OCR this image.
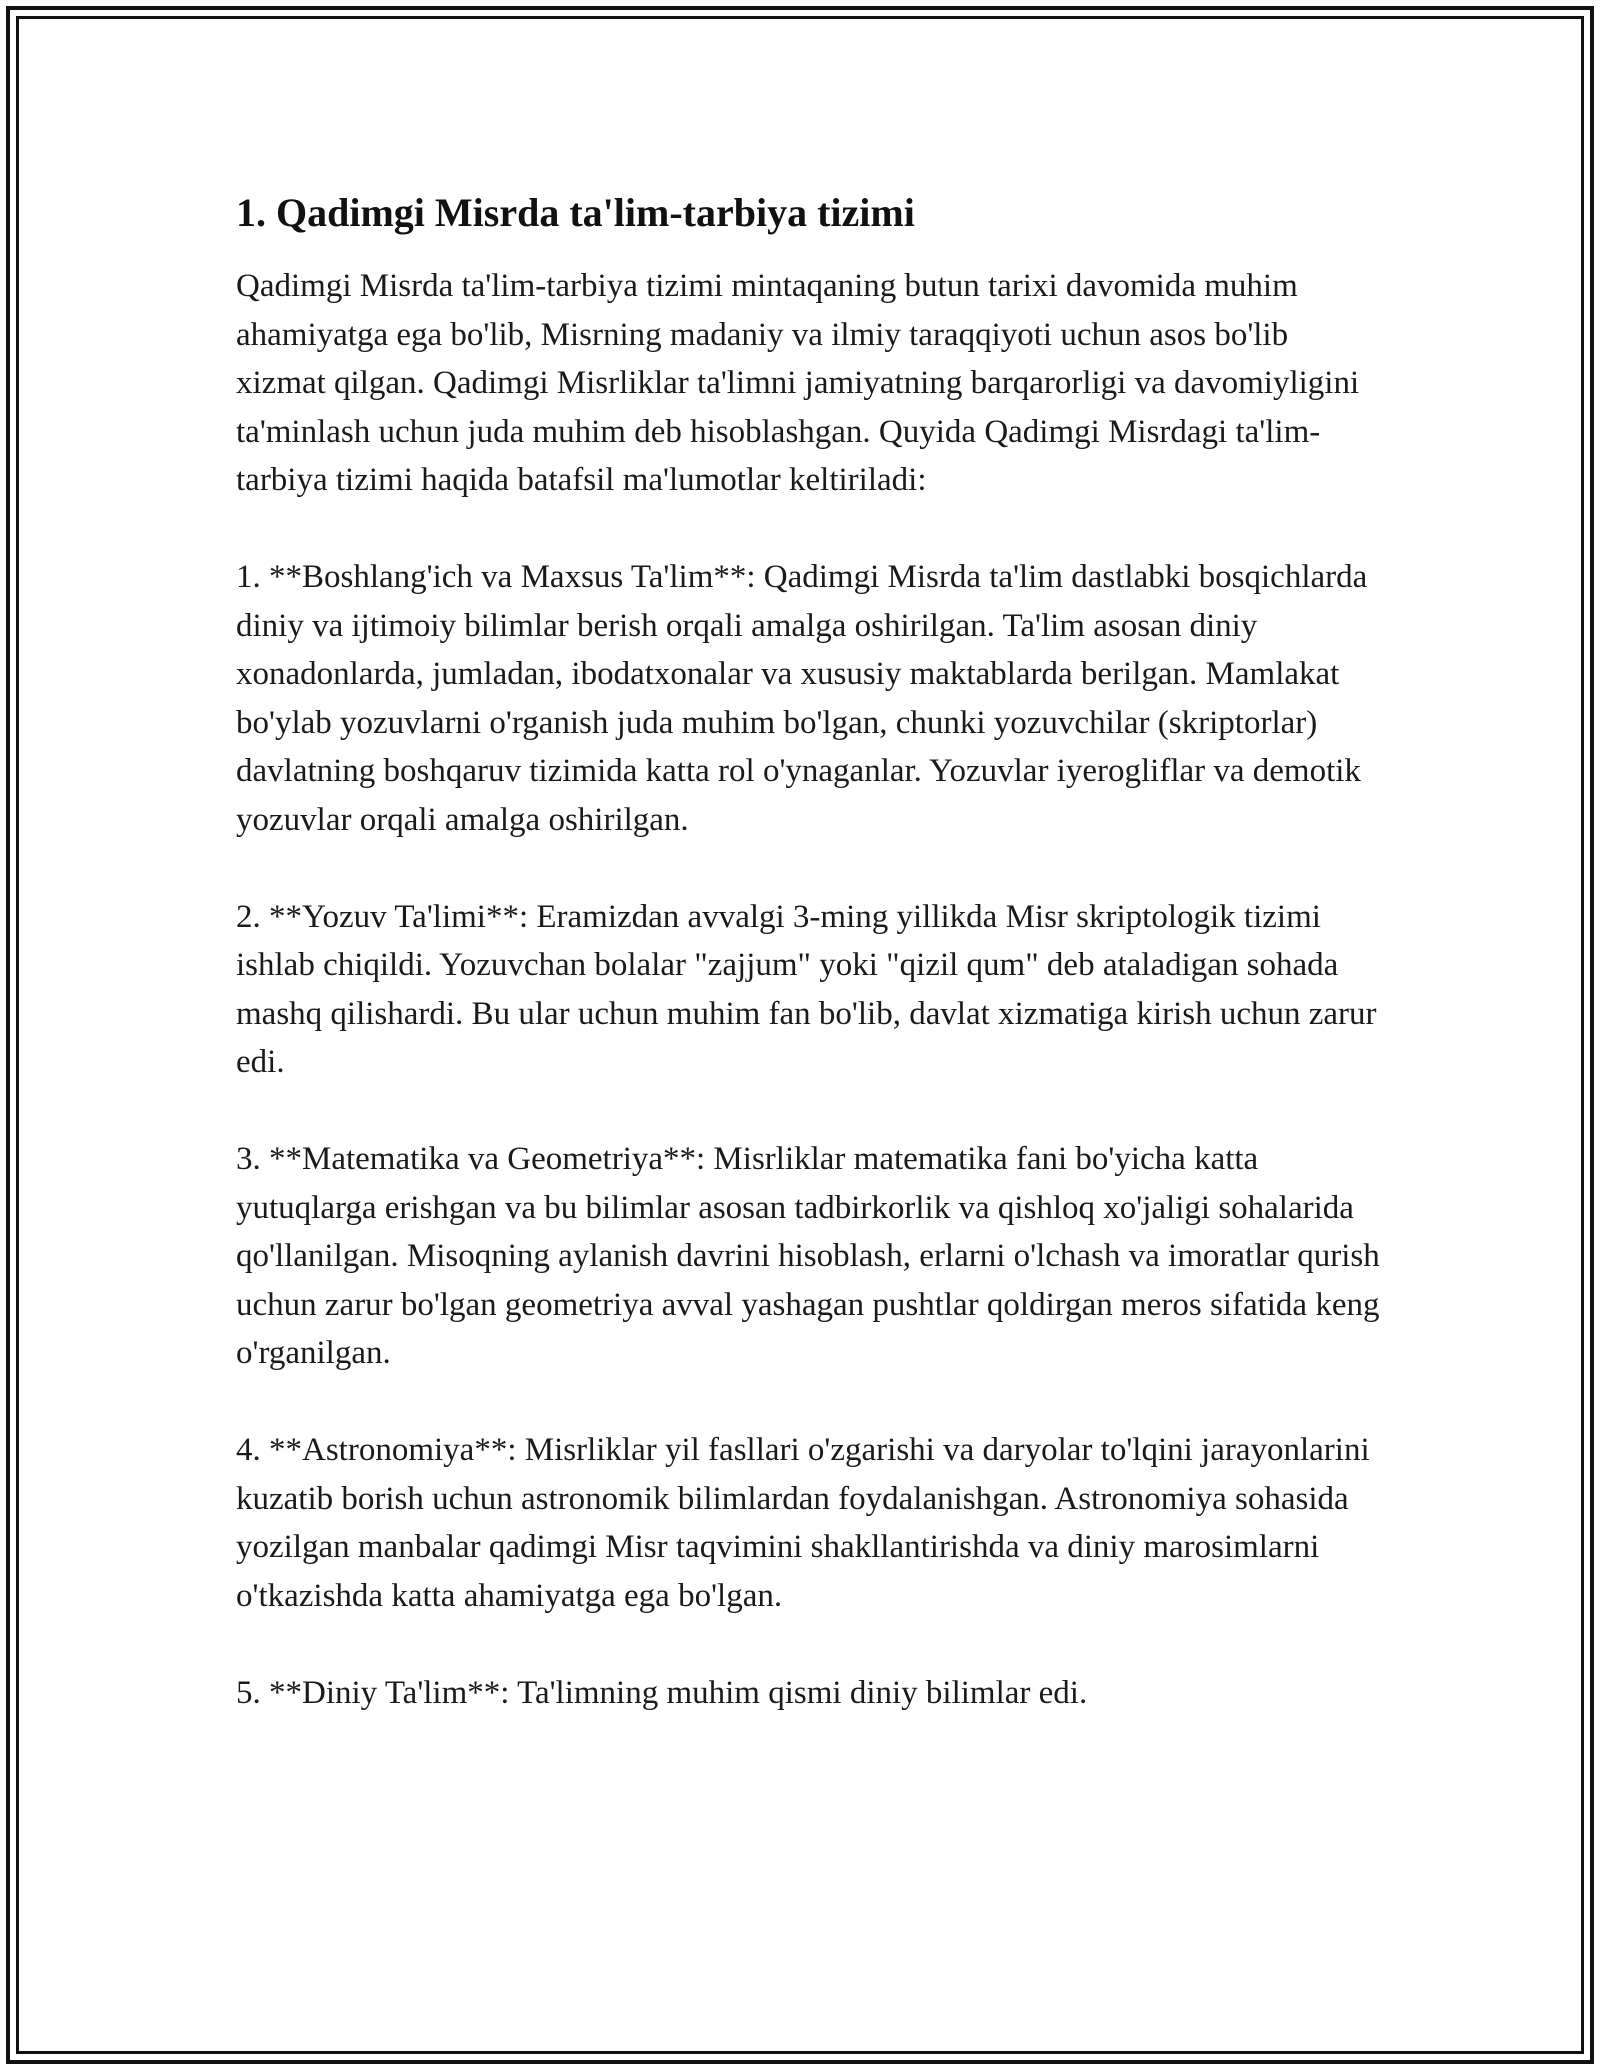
1. Qadimgi Misrda ta'lim-tarbiya tizimi

Qadimgi Misrda ta'lim-tarbiya tizimi mintaqaning butun tarixi davomida muhim ahamiyatga ega bo'lib, Misrning madaniy va ilmiy taraqqiyoti uchun asos bo'lib xizmat qilgan. Qadimgi Misrliklar ta'limni jamiyatning barqarorligi va davomiyligini ta'minlash uchun juda muhim deb hisoblashgan. Quyida Qadimgi Misrdagi ta'lim-tarbiya tizimi haqida batafsil ma'lumotlar keltiriladi:

1. **Boshlang'ich va Maxsus Ta'lim**: Qadimgi Misrda ta'lim dastlabki bosqichlarda diniy va ijtimoiy bilimlar berish orqali amalga oshirilgan. Ta'lim asosan diniy xonadonlarda, jumladan, ibodatxonalar va xususiy maktablarda berilgan. Mamlakat bo'ylab yozuvlarni o'rganish juda muhim bo'lgan, chunki yozuvchilar (skriptorlar) davlatning boshqaruv tizimida katta rol o'ynaganlar. Yozuvlar iyerogliflar va demotik yozuvlar orqali amalga oshirilgan.

2. **Yozuv Ta'limi**: Eramizdan avvalgi 3-ming yillikda Misr skriptologik tizimi ishlab chiqildi. Yozuvchan bolalar "zajjum" yoki "qizil qum" deb ataladigan sohada mashq qilishardi. Bu ular uchun muhim fan bo'lib, davlat xizmatiga kirish uchun zarur edi.

3. **Matematika va Geometriya**: Misrliklar matematika fani bo'yicha katta yutuqlarga erishgan va bu bilimlar asosan tadbirkorlik va qishloq xo'jaligi sohalarida qo'llanilgan. Misoqning aylanish davrini hisoblash, erlarni o'lchash va imoratlar qurish uchun zarur bo'lgan geometriya avval yashagan pushtlar qoldirgan meros sifatida keng o'rganilgan.

4. **Astronomiya**: Misrliklar yil fasllari o'zgarishi va daryolar to'lqini jarayonlarini kuzatib borish uchun astronomik bilimlardan foydalanishgan. Astronomiya sohasida yozilgan manbalar qadimgi Misr taqvimini shakllantirishda va diniy marosimlarni o'tkazishda katta ahamiyatga ega bo'lgan.

5. **Diniy Ta'lim**: Ta'limning muhim qismi diniy bilimlar edi.
